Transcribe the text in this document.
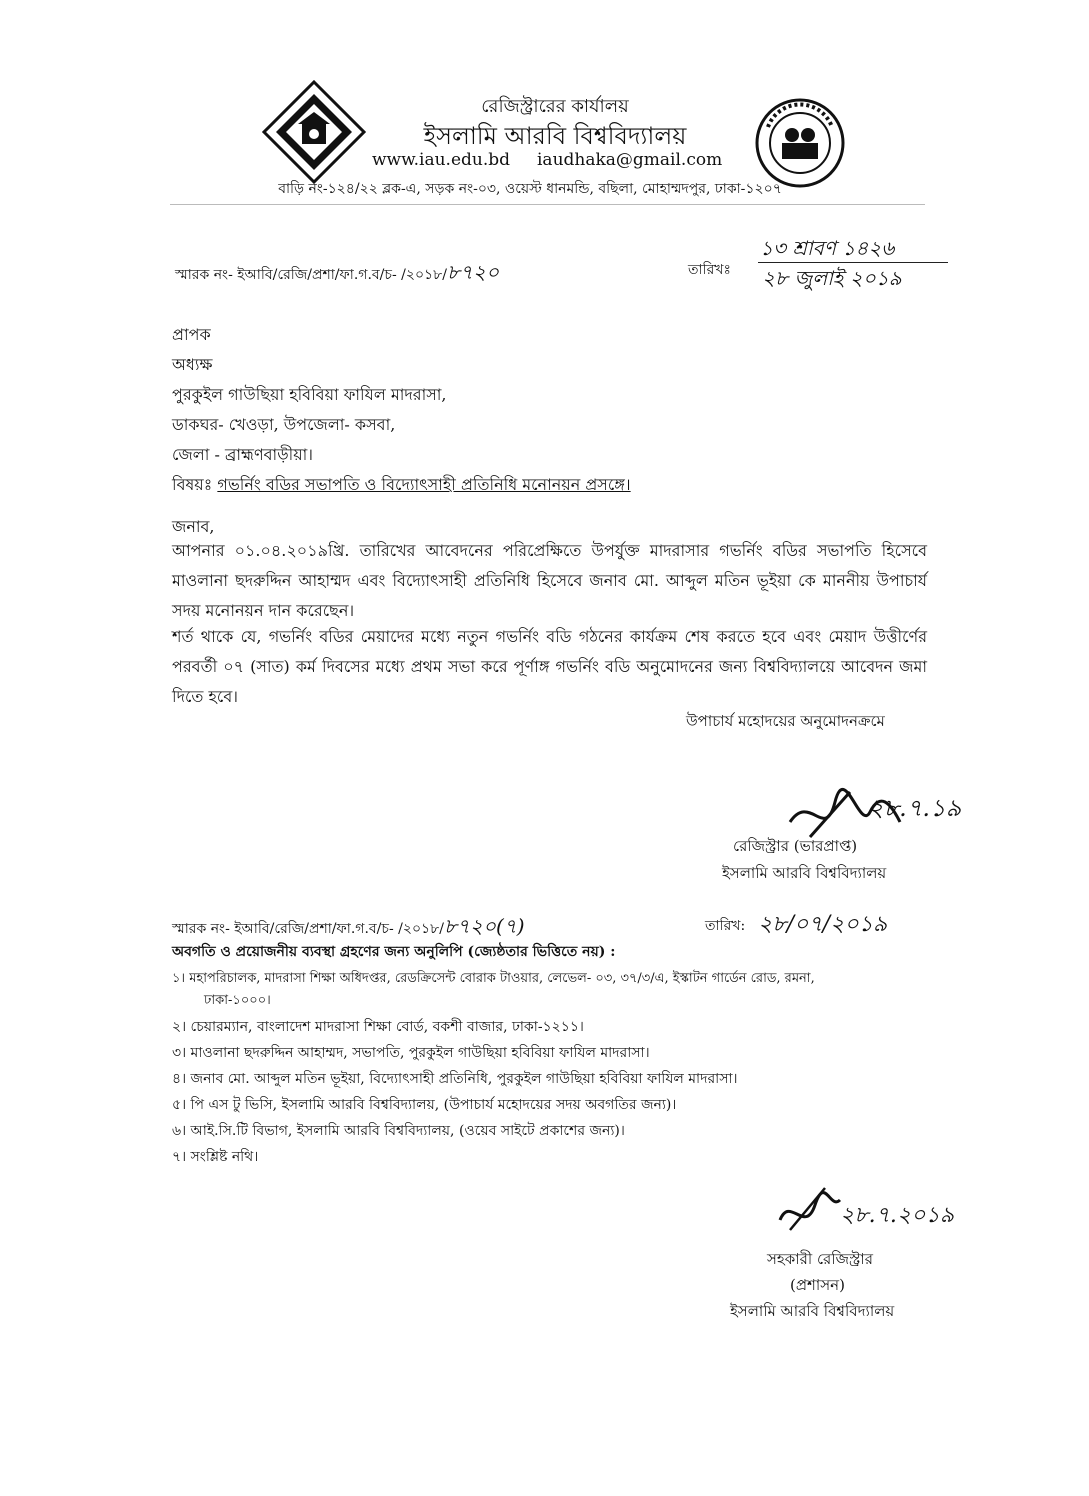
রেজিস্ট্রারের কার্যালয়
ইসলামি আরবি বিশ্ববিদ্যালয়
www.iau.edu.bd	iaudhaka@gmail.com
বাড়ি নং-১২৪/২২ ব্লক-এ, সড়ক নং-০৩, ওয়েস্ট ধানমন্ডি, বছিলা, মোহাম্মদপুর, ঢাকা-১২০৭
স্মারক নং- ইআবি/রেজি/প্রশা/ফা.গ.ব/চ- /২০১৮/৮৭২০	তারিখঃ
১৩ শ্রাবণ ১৪২৬
২৮ জুলাই ২০১৯
প্রাপক
অধ্যক্ষ
পুরকুইল গাউছিয়া হবিবিয়া ফাযিল মাদরাসা,
ডাকঘর- খেওড়া, উপজেলা- কসবা,
জেলা - ব্রাহ্মণবাড়ীয়া।
বিষয়ঃ গভর্নিং বডির সভাপতি ও বিদ্যোৎসাহী প্রতিনিধি মনোনয়ন প্রসঙ্গে।
জনাব,
আপনার ০১.০৪.২০১৯খ্রি. তারিখের আবেদনের পরিপ্রেক্ষিতে উপর্যুক্ত মাদরাসার গভর্নিং বডির সভাপতি হিসেবে মাওলানা ছদরুদ্দিন আহাম্মদ এবং বিদ্যোৎসাহী প্রতিনিধি হিসেবে জনাব মো. আব্দুল মতিন ভূইয়া কে মাননীয় উপাচার্য সদয় মনোনয়ন দান করেছেন।
শর্ত থাকে যে, গভর্নিং বডির মেয়াদের মধ্যে নতুন গভর্নিং বডি গঠনের কার্যক্রম শেষ করতে হবে এবং মেয়াদ উত্তীর্ণের পরবর্তী ০৭ (সাত) কর্ম দিবসের মধ্যে প্রথম সভা করে পূর্ণাঙ্গ গভর্নিং বডি অনুমোদনের জন্য বিশ্ববিদ্যালয়ে আবেদন জমা দিতে হবে।
উপাচার্য মহোদয়ের অনুমোদনক্রমে
২৮.৭.১৯
রেজিস্ট্রার (ভারপ্রাপ্ত)
ইসলামি আরবি বিশ্ববিদ্যালয়
স্মারক নং- ইআবি/রেজি/প্রশা/ফা.গ.ব/চ- /২০১৮/৮৭২০(৭)	তারিখ: ২৮/০৭/২০১৯
অবগতি ও প্রয়োজনীয় ব্যবস্থা গ্রহণের জন্য অনুলিপি (জ্যেষ্ঠতার ভিত্তিতে নয়) :
১। মহাপরিচালক, মাদরাসা শিক্ষা অধিদপ্তর, রেডক্রিসেন্ট বোরাক টাওয়ার, লেভেল- ০৩, ৩৭/৩/এ, ইস্কাটন গার্ডেন রোড, রমনা,
ঢাকা-১০০০।
২। চেয়ারম্যান, বাংলাদেশ মাদরাসা শিক্ষা বোর্ড, বকশী বাজার, ঢাকা-১২১১।
৩। মাওলানা ছদরুদ্দিন আহাম্মদ, সভাপতি, পুরকুইল গাউছিয়া হবিবিয়া ফাযিল মাদরাসা।
৪। জনাব মো. আব্দুল মতিন ভূইয়া, বিদ্যোৎসাহী প্রতিনিধি, পুরকুইল গাউছিয়া হবিবিয়া ফাযিল মাদরাসা।
৫। পি এস টু ভিসি, ইসলামি আরবি বিশ্ববিদ্যালয়, (উপাচার্য মহোদয়ের সদয় অবগতির জন্য)।
৬। আই.সি.টি বিভাগ, ইসলামি আরবি বিশ্ববিদ্যালয়, (ওয়েব সাইটে প্রকাশের জন্য)।
৭। সংশ্লিষ্ট নথি।
২৮.৭.২০১৯
সহকারী রেজিস্ট্রার
(প্রশাসন)
ইসলামি আরবি বিশ্ববিদ্যালয়
